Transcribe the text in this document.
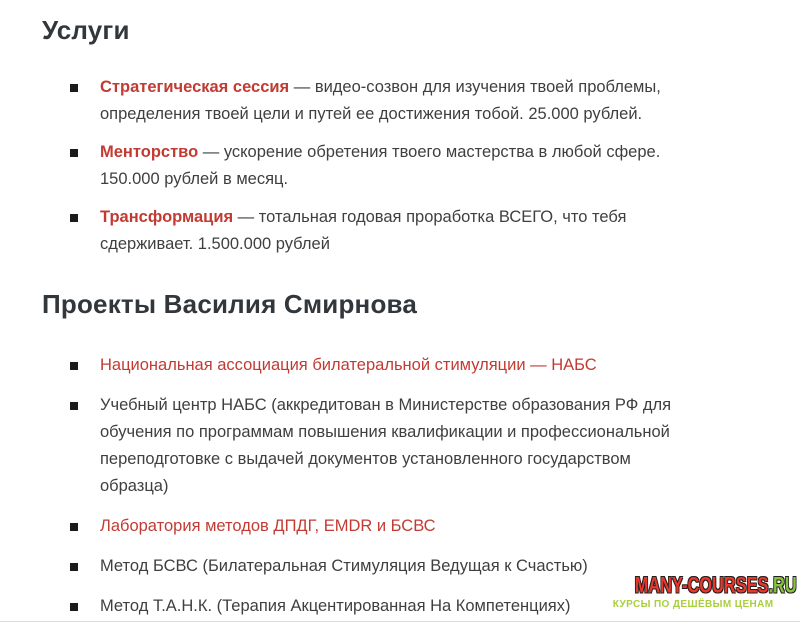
Услуги
Стратегическая сессия — видео-созвон для изучения твоей проблемы, определения твоей цели и путей ее достижения тобой. 25.000 рублей.
Менторство — ускорение обретения твоего мастерства в любой сфере. 150.000 рублей в месяц.
Трансформация — тотальная годовая проработка ВСЕГО, что тебя сдерживает. 1.500.000 рублей
Проекты Василия Смирнова
Национальная ассоциация билатеральной стимуляции — НАБС
Учебный центр НАБС (аккредитован в Министерстве образования РФ для обучения по программам повышения квалификации и профессиональной переподготовке с выдачей документов установленного государством образца)
Лаборатория методов ДПДГ, EMDR и БСВС
Метод БСВС (Билатеральная Стимуляция Ведущая к Счастью)
Метод Т.А.Н.К. (Терапия Акцентированная На Компетенциях)
MANY-COURSES.RU
КУРСЫ ПО ДЕШЁВЫМ ЦЕНАМ
